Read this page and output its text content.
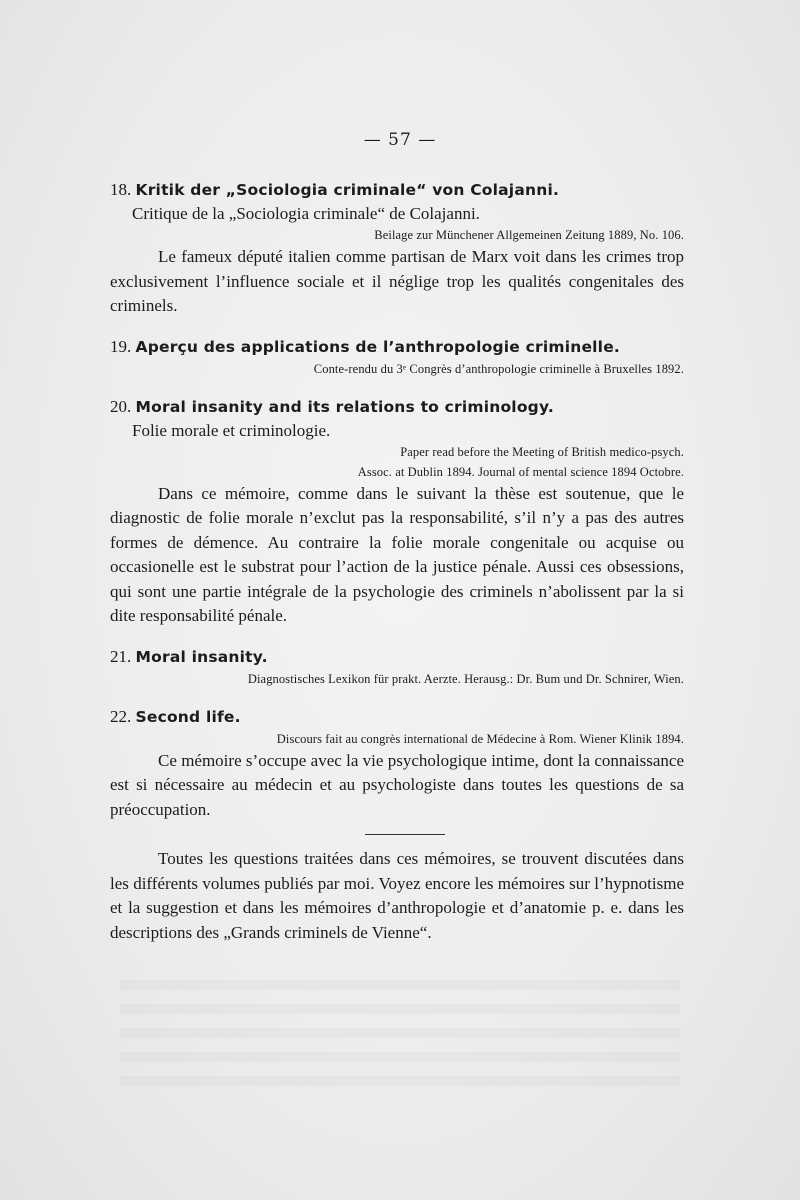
— 57 —
18. Kritik der „Sociologia criminale“ von Colajanni.
Critique de la „Sociologia criminale“ de Colajanni.
Beilage zur Münchener Allgemeinen Zeitung 1889, No. 106.

Le fameux député italien comme partisan de Marx voit dans les crimes trop exclusivement l’influence sociale et il néglige trop les qualités congenitales des criminels.

19. Aperçu des applications de l’anthropologie criminelle.
Conte-rendu du 3ᵉ Congrès d’anthropologie criminelle à Bruxelles 1892.
20. Moral insanity and its relations to criminology.
Folie morale et criminologie.
Paper read before the Meeting of British medico-psych.
Assoc. at Dublin 1894. Journal of mental science 1894 Octobre.

Dans ce mémoire, comme dans le suivant la thèse est soutenue, que le diagnostic de folie morale n’exclut pas la responsabilité, s’il n’y a pas des autres formes de démence. Au contraire la folie morale congenitale ou acquise ou occasionelle est le substrat pour l’action de la justice pénale. Aussi ces obsessions, qui sont une partie intégrale de la psychologie des criminels n’abolissent par la si dite responsabilité pénale.

21. Moral insanity.
Diagnostisches Lexikon für prakt. Aerzte. Herausg.: Dr. Bum und Dr. Schnirer, Wien.
22. Second life.
Discours fait au congrès international de Médecine à Rom. Wiener Klinik 1894.

Ce mémoire s’occupe avec la vie psychologique intime, dont la connaissance est si nécessaire au médecin et au psychologiste dans toutes les questions de sa préoccupation.

Toutes les questions traitées dans ces mémoires, se trouvent discutées dans les différents volumes publiés par moi. Voyez encore les mémoires sur l’hypnotisme et la suggestion et dans les mémoires d’anthropologie et d’anatomie p. e. dans les descriptions des „Grands criminels de Vienne“.
